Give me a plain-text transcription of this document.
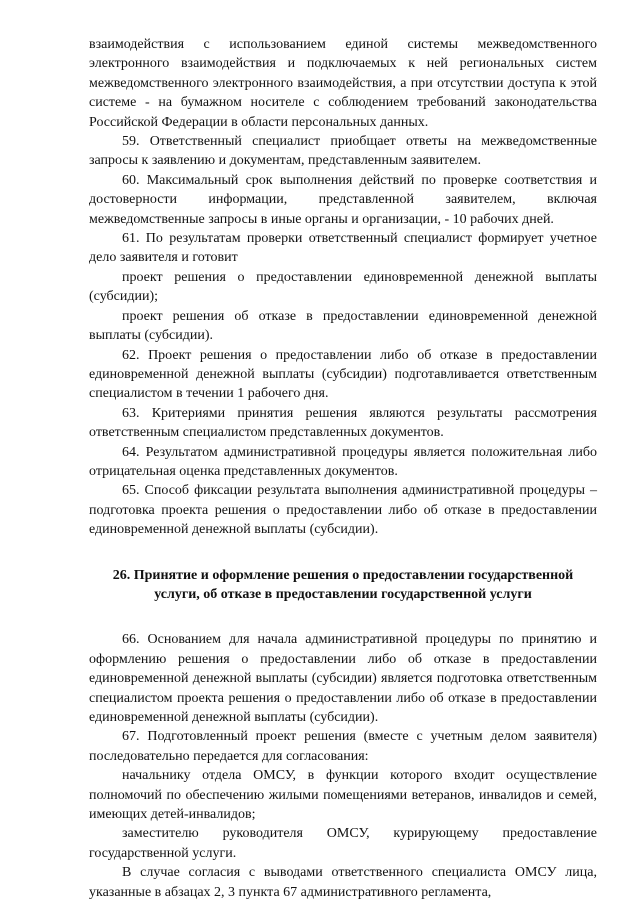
взаимодействия с использованием единой системы межведомственного электронного взаимодействия и подключаемых к ней региональных систем межведомственного электронного взаимодействия, а при отсутствии доступа к этой системе - на бумажном носителе с соблюдением требований законодательства Российской Федерации в области персональных данных.

59. Ответственный специалист приобщает ответы на межведомственные запросы к заявлению и документам, представленным заявителем.

60. Максимальный срок выполнения действий по проверке соответствия и достоверности информации, представленной заявителем, включая межведомственные запросы в иные органы и организации, - 10 рабочих дней.

61. По результатам проверки ответственный специалист формирует учетное дело заявителя и готовит

проект решения о предоставлении единовременной денежной выплаты (субсидии);

проект решения об отказе в предоставлении единовременной денежной выплаты (субсидии).

62. Проект решения о предоставлении либо об отказе в предоставлении единовременной денежной выплаты (субсидии) подготавливается ответственным специалистом в течении 1 рабочего дня.

63. Критериями принятия решения являются результаты рассмотрения ответственным специалистом представленных документов.

64. Результатом административной процедуры является положительная либо отрицательная оценка представленных документов.

65. Способ фиксации результата выполнения административной процедуры – подготовка проекта решения о предоставлении либо об отказе в предоставлении единовременной денежной выплаты (субсидии).

26. Принятие и оформление решения о предоставлении государственной услуги, об отказе в предоставлении государственной услуги

66. Основанием для начала административной процедуры по принятию и оформлению решения о предоставлении либо об отказе в предоставлении единовременной денежной выплаты (субсидии) является подготовка ответственным специалистом проекта решения о предоставлении либо об отказе в предоставлении единовременной денежной выплаты (субсидии).

67. Подготовленный проект решения (вместе с учетным делом заявителя) последовательно передается для согласования:

начальнику отдела ОМСУ, в функции которого входит осуществление полномочий по обеспечению жилыми помещениями ветеранов, инвалидов и семей, имеющих детей-инвалидов;

заместителю руководителя ОМСУ, курирующему предоставление государственной услуги.

В случае согласия с выводами ответственного специалиста ОМСУ лица, указанные в абзацах 2, 3 пункта 67 административного регламента,
